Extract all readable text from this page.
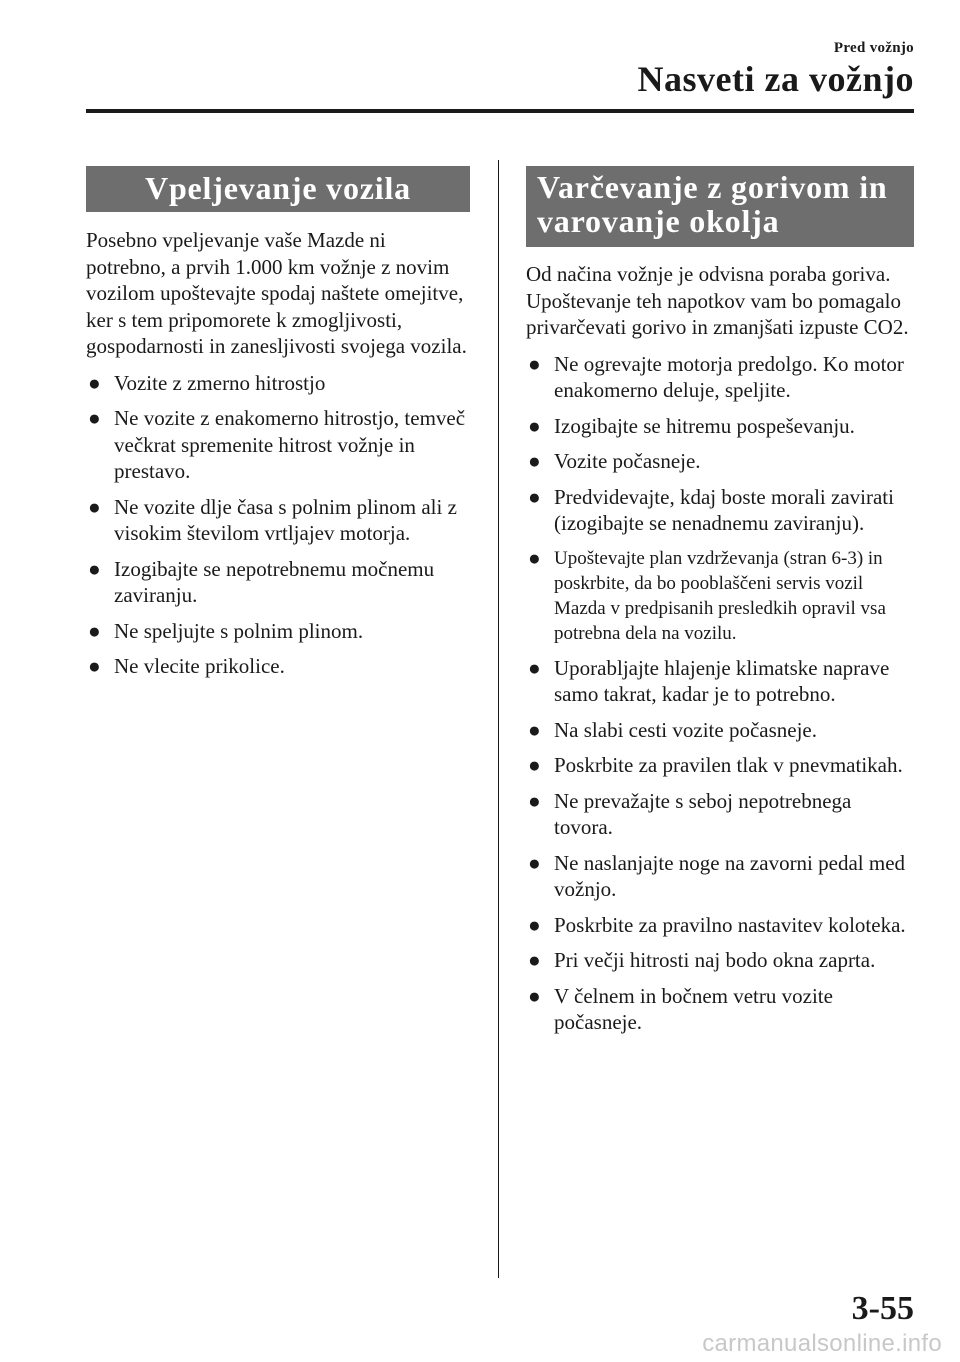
Pred vožnjo
Nasveti za vožnjo
Vpeljevanje vozila

Posebno vpeljevanje vaše Mazde ni potrebno, a prvih 1.000 km vožnje z novim vozilom upoštevajte spodaj naštete omejitve, ker s tem pripomorete k zmogljivosti, gospodarnosti in zanesljivosti svojega vozila.

● Vozite z zmerno hitrostjo
● Ne vozite z enakomerno hitrostjo, temveč večkrat spremenite hitrost vožnje in prestavo.
● Ne vozite dlje časa s polnim plinom ali z visokim številom vrtljajev motorja.
● Izogibajte se nepotrebnemu močnemu zaviranju.
● Ne speljujte s polnim plinom.
● Ne vlecite prikolice.
Varčevanje z gorivom in varovanje okolja

Od načina vožnje je odvisna poraba goriva. Upoštevanje teh napotkov vam bo pomagalo privarčevati gorivo in zmanjšati izpuste CO2.

● Ne ogrevajte motorja predolgo. Ko motor enakomerno deluje, speljite.
● Izogibajte se hitremu pospeševanju.
● Vozite počasneje.
● Predvidevajte, kdaj boste morali zavirati (izogibajte se nenadnemu zaviranju).
● Upoštevajte plan vzdrževanja (stran 6-3) in poskrbite, da bo pooblaščeni servis vozil Mazda v predpisanih presledkih opravil vsa potrebna dela na vozilu.
● Uporabljajte hlajenje klimatske naprave samo takrat, kadar je to potrebno.
● Na slabi cesti vozite počasneje.
● Poskrbite za pravilen tlak v pnevmatikah.
● Ne prevažajte s seboj nepotrebnega tovora.
● Ne naslanjajte noge na zavorni pedal med vožnjo.
● Poskrbite za pravilno nastavitev koloteka.
● Pri večji hitrosti naj bodo okna zaprta.
● V čelnem in bočnem vetru vozite počasneje.
3-55
carmanualsonline.info
